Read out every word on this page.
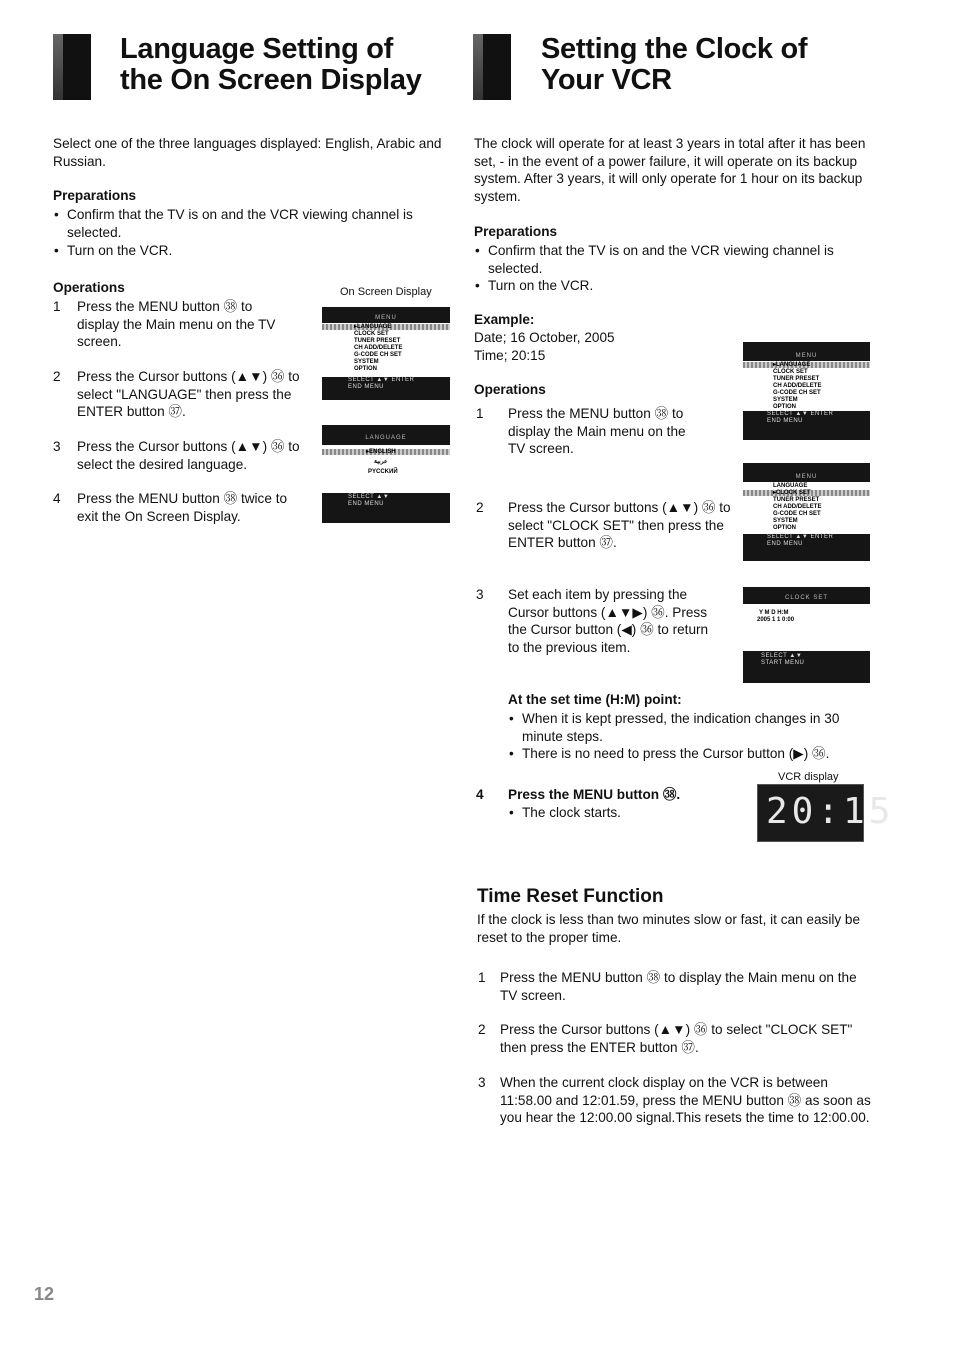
Language Setting of
the On Screen Display
Setting the Clock of
Your VCR
Select one of the three languages displayed: English, Arabic and Russian.
Preparations
• Confirm that the TV is on and the VCR viewing channel is selected.
• Turn on the VCR.
Operations	On Screen Display
1 Press the MENU button ㊳ to display the Main menu on the TV screen.
2 Press the Cursor buttons (▲▼) ㊱ to select "LANGUAGE" then press the ENTER button ㊲.
3 Press the Cursor buttons (▲▼) ㊱ to select the desired language.
4 Press the MENU button ㊳ twice to exit the On Screen Display.
MENU
▸LANGUAGE
CLOCK SET
TUNER PRESET
CH ADD/DELETE
G-CODE CH SET
SYSTEM
OPTION
SELECT ▲▼ ENTER
END MENU
LANGUAGE
▸ENGLISH
عربية
PYCCKИЙ
SELECT ▲▼
END MENU
The clock will operate for at least 3 years in total after it has been set, - in the event of a power failure, it will operate on its backup system. After 3 years, it will only operate for 1 hour on its backup system.
Preparations
• Confirm that the TV is on and the VCR viewing channel is selected.
• Turn on the VCR.
Example:
Date; 16 October, 2005
Time; 20:15
Operations
1 Press the MENU button ㊳ to display the Main menu on the TV screen.
2 Press the Cursor buttons (▲▼) ㊱ to select "CLOCK SET" then press the ENTER button ㊲.
3 Set each item by pressing the Cursor buttons (▲▼▶) ㊱. Press the Cursor button (◀) ㊱ to return to the previous item.
At the set time (H:M) point:
• When it is kept pressed, the indication changes in 30 minute steps.
• There is no need to press the Cursor button (▶) ㊱.
VCR display
4 Press the MENU button ㊳.
• The clock starts.
MENU
▸LANGUAGE
CLOCK SET
TUNER PRESET
CH ADD/DELETE
G-CODE CH SET
SYSTEM
OPTION
SELECT ▲▼ ENTER
END MENU
MENU
LANGUAGE
▸CLOCK SET
TUNER PRESET
CH ADD/DELETE
G-CODE CH SET
SYSTEM
OPTION
SELECT ▲▼ ENTER
END MENU
CLOCK SET
Y M D H:M
2005 1 1 0:00
SELECT ▲▼
START MENU
20:15
Time Reset Function
If the clock is less than two minutes slow or fast, it can easily be reset to the proper time.
1 Press the MENU button ㊳ to display the Main menu on the TV screen.
2 Press the Cursor buttons (▲▼) ㊱ to select "CLOCK SET" then press the ENTER button ㊲.
3 When the current clock display on the VCR is between 11:58.00 and 12:01.59, press the MENU button ㊳ as soon as you hear the 12:00.00 signal.This resets the time to 12:00.00.
12
